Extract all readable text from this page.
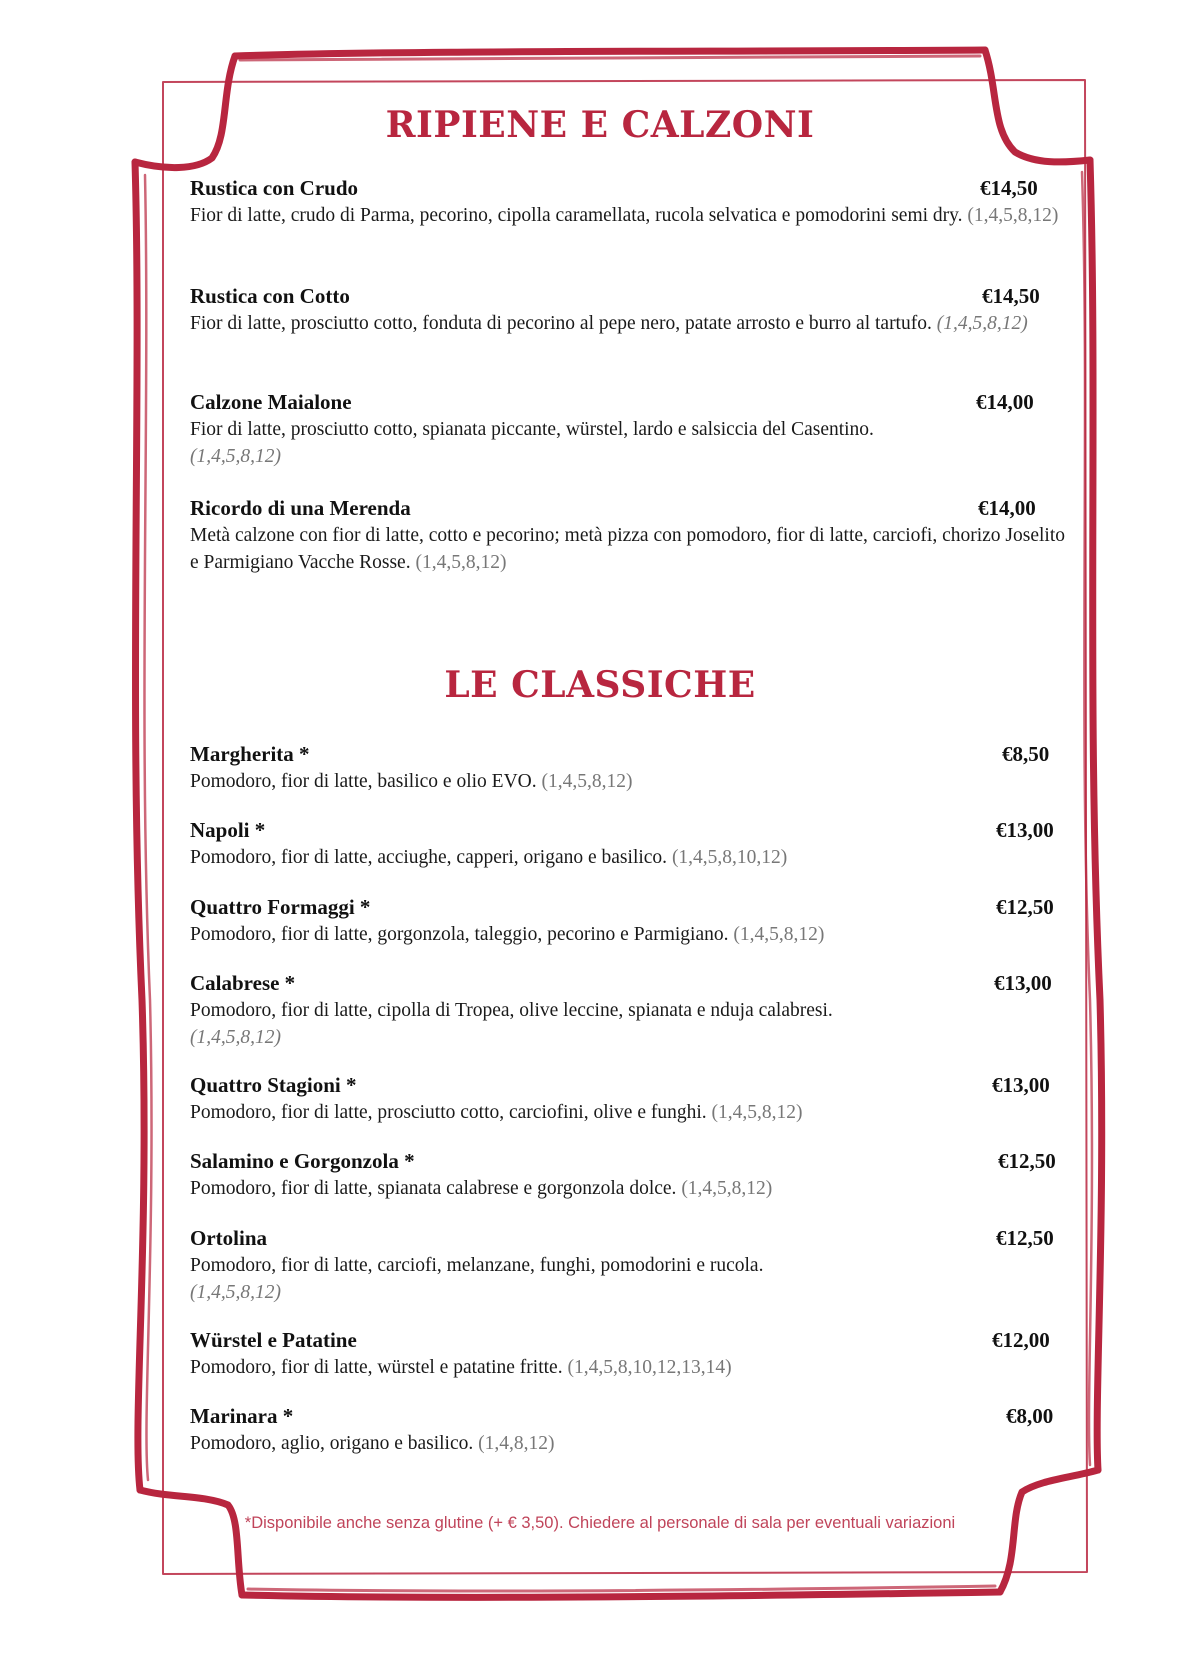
RIPIENE E CALZONI
Rustica con Crudo	€14,50

Fior di latte, crudo di Parma, pecorino, cipolla caramellata, rucola selvatica e pomodorini semi dry. (1,4,5,8,12)

Rustica con Cotto	€14,50

Fior di latte, prosciutto cotto, fonduta di pecorino al pepe nero, patate arrosto e burro al tartufo. (1,4,5,8,12)

Calzone Maialone	€14,00

Fior di latte, prosciutto cotto, spianata piccante, würstel, lardo e salsiccia del Casentino.
(1,4,5,8,12)

Ricordo di una Merenda	€14,00

Metà calzone con fior di latte, cotto e pecorino; metà pizza con pomodoro, fior di latte, carciofi, chorizo Joselito e Parmigiano Vacche Rosse. (1,4,5,8,12)

LE CLASSICHE
Margherita *	€8,50

Pomodoro, fior di latte, basilico e olio EVO. (1,4,5,8,12)

Napoli *	€13,00

Pomodoro, fior di latte, acciughe, capperi, origano e basilico. (1,4,5,8,10,12)

Quattro Formaggi *	€12,50

Pomodoro, fior di latte, gorgonzola, taleggio, pecorino e Parmigiano. (1,4,5,8,12)

Calabrese *	€13,00

Pomodoro, fior di latte, cipolla di Tropea, olive leccine, spianata e nduja calabresi.
(1,4,5,8,12)

Quattro Stagioni *	€13,00

Pomodoro, fior di latte, prosciutto cotto, carciofini, olive e funghi. (1,4,5,8,12)

Salamino e Gorgonzola *	€12,50

Pomodoro, fior di latte, spianata calabrese e gorgonzola dolce. (1,4,5,8,12)

Ortolina	€12,50

Pomodoro, fior di latte, carciofi, melanzane, funghi, pomodorini e rucola.
(1,4,5,8,12)

Würstel e Patatine	€12,00

Pomodoro, fior di latte, würstel e patatine fritte. (1,4,5,8,10,12,13,14)

Marinara *	€8,00

Pomodoro, aglio, origano e basilico. (1,4,8,12)

*Disponibile anche senza glutine (+ € 3,50). Chiedere al personale di sala per eventuali variazioni
